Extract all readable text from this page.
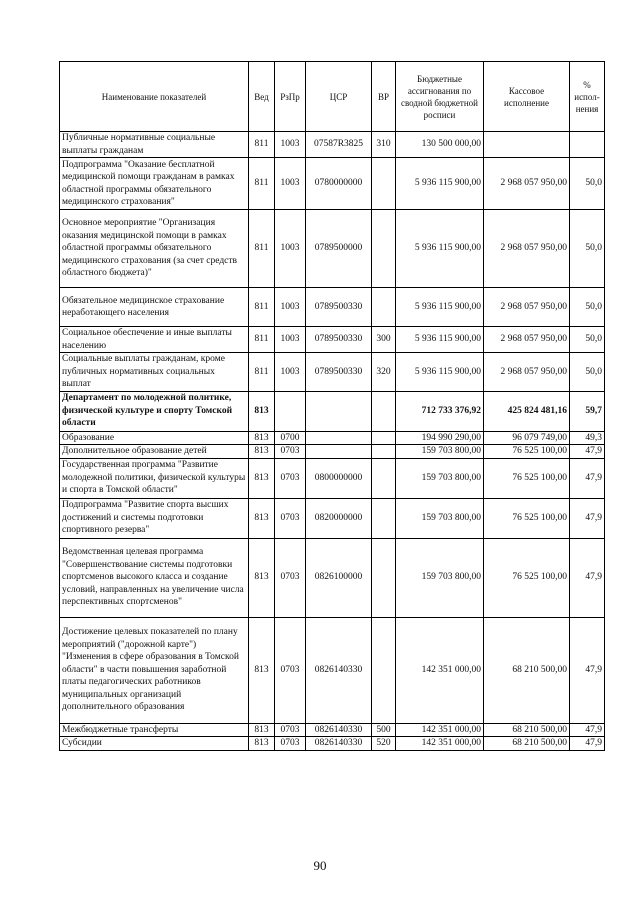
Наименование показателей	Вед	РзПр	ЦСР	ВР	Бюджетные ассигнования по сводной бюджетной росписи	Кассовое исполнение	% испол-нения
Публичные нормативные социальные выплаты гражданам	811	1003	07587R3825	310	130 500 000,00		
Подпрограмма "Оказание бесплатной медицинской помощи гражданам в рамках областной программы обязательного медицинского страхования"	811	1003	0780000000		5 936 115 900,00	2 968 057 950,00	50,0
Основное мероприятие "Организация оказания медицинской помощи в рамках областной программы обязательного медицинского страхования (за счет средств областного бюджета)"	811	1003	0789500000		5 936 115 900,00	2 968 057 950,00	50,0
Обязательное медицинское страхование неработающего населения	811	1003	0789500330		5 936 115 900,00	2 968 057 950,00	50,0
Социальное обеспечение и иные выплаты населению	811	1003	0789500330	300	5 936 115 900,00	2 968 057 950,00	50,0
Социальные выплаты гражданам, кроме публичных нормативных социальных выплат	811	1003	0789500330	320	5 936 115 900,00	2 968 057 950,00	50,0
Департамент по молодежной политике, физической культуре и спорту Томской области	813				712 733 376,92	425 824 481,16	59,7
Образование	813	0700			194 990 290,00	96 079 749,00	49,3
Дополнительное образование детей	813	0703			159 703 800,00	76 525 100,00	47,9
Государственная программа "Развитие молодежной политики, физической культуры и спорта в Томской области"	813	0703	0800000000		159 703 800,00	76 525 100,00	47,9
Подпрограмма "Развитие спорта высших достижений и системы подготовки спортивного резерва"	813	0703	0820000000		159 703 800,00	76 525 100,00	47,9
Ведомственная целевая программа "Совершенствование системы подготовки спортсменов высокого класса и создание условий, направленных на увеличение числа перспективных спортсменов"	813	0703	0826100000		159 703 800,00	76 525 100,00	47,9
Достижение целевых показателей по плану мероприятий ("дорожной карте") "Изменения в сфере образования в Томской области" в части повышения заработной платы педагогических работников муниципальных организаций дополнительного образования	813	0703	0826140330		142 351 000,00	68 210 500,00	47,9
Межбюджетные трансферты	813	0703	0826140330	500	142 351 000,00	68 210 500,00	47,9
Субсидии	813	0703	0826140330	520	142 351 000,00	68 210 500,00	47,9
90
